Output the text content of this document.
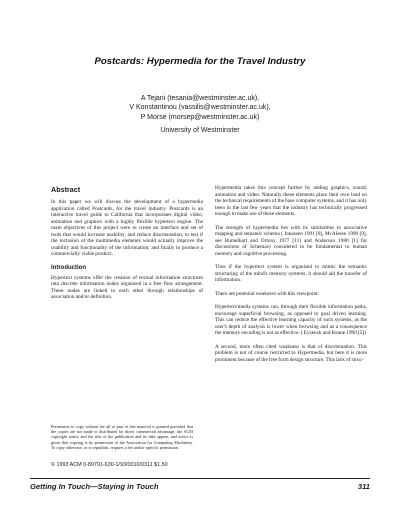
Postcards: Hypermedia for the Travel Industry
A Tejani (tesania@westminster.ac.uk),
V Konstantinou (vassilis@westminster.ac.uk),
P Morse (morsep@westminster.ac.uk)
University of Westminster
Abstract

In this paper we will discuss the development of a hypermedia application called Postcards, for the travel industry. Postcards is an interactive travel guide to California that incorporates digital video, animation and graphics with a highly flexible hypertext engine. The main objectives of this project were to create an interface and set of tools that would increase usability, and reduce disorientation; to test if the inclusion of the multimedia elements would actually improve the usability and functionality of the information; and finally to produce a commercially viable product.

Introduction

Hypertext systems offer the creation of textual information structures into discrete information nodes organised in a free flow arrangement. These nodes are linked to each other through relationships of association and/or definition.

Permission to copy without fee all or part of this material is granted provided that the copies are not made or distributed for direct commercial advantage, the ACM copyright notice and the title of the publication and its date appear, and notice is given that copying is by permission of the Association for Computing Machinery. To copy otherwise, or to republish, requires a fee and/or specific permission.

© 1993 ACM 0-89791-630-1/93/0010/0311 $1.50

Hypermedia takes this concept further by adding graphics, sound, animation and video. Naturally these elements place their own load on the technical requirements of the base computer systems, and it has only been in the last few years that the industry has technically progressed enough to make use of these elements.

The strength of hypermedia lies with its similarities to associative mapping and semantic schema ( Jonassen 1991 [8], McAleese 1990 [9], see Rumelhart and Ortony 1977 [11] and Anderson 1980 [1] for discussions of Schemas) considered to be fundamental to human memory and cognitive processing.

Thus if the hypertext system is organised to mimic the semantic structuring of the mind's memory systems, it should aid the transfer of information.

There are potential weakness with this viewpoint:

Hypertext/media systems can, through their flexible information paths, encourage superficial browsing, as opposed to goal driven learning. This can reduce the effective learning capacity of such systems, as the user's depth of analysis is lower when browsing and as a consequence the memory encoding is not as effective. ( Eysenck and Keane 1990 [5])

A second, more often cited weakness is that of disorientation. This problem is not of course restricted to Hypermedia, but here it is more prominent because of the free form design structure. This lack of struc-

Getting In Touch—Staying in Touch	311
